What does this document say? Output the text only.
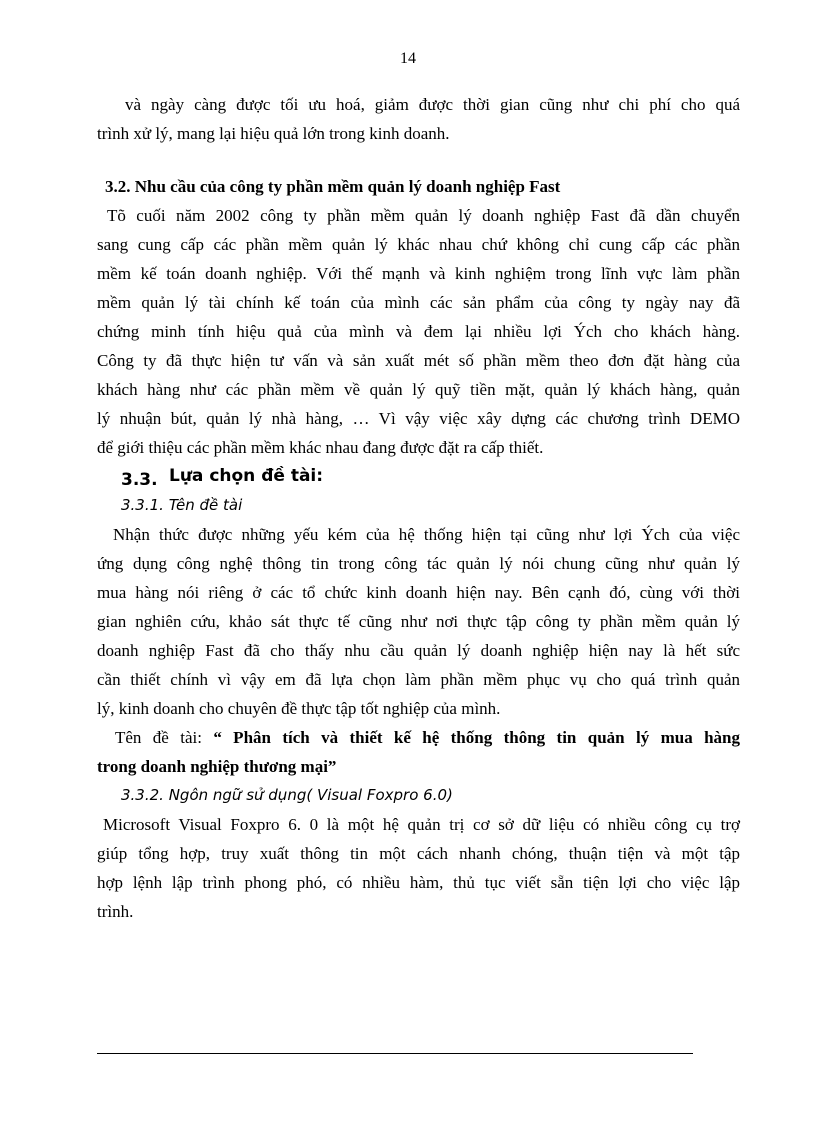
14
và ngày càng được tối ưu hoá, giảm được thời gian cũng như chi phí cho quá
trình xử lý, mang lại hiệu quả lớn trong kinh doanh.
3.2. Nhu cầu của công ty phần mềm quản lý doanh nghiệp Fast
Tõ cuối năm 2002 công ty phần mềm quản lý doanh nghiệp Fast đã dần chuyển
sang cung cấp các phần mềm quản lý khác nhau chứ không chỉ cung cấp các phần
mềm kế toán doanh nghiệp. Với thế mạnh và kinh nghiệm trong lĩnh vực làm phần
mềm quản lý tài chính kế toán của mình các sản phẩm của công ty ngày nay đã
chứng minh tính hiệu quả của mình và đem lại nhiều lợi Ých cho khách hàng.
Công ty đã thực hiện tư vấn và sản xuất mét số phần mềm theo đơn đặt hàng của
khách hàng như các phần mềm về quản lý quỹ tiền mặt, quản lý khách hàng, quản
lý nhuận bút, quản lý nhà hàng, … Vì vậy việc xây dựng các chương trình DEMO
để giới thiệu các phần mềm khác nhau đang được đặt ra cấp thiết.
3.3. Lựa chọn đề tài:
3.3.1. Tên đề tài
Nhận thức được những yếu kém của hệ thống hiện tại cũng như lợi Ých của việc
ứng dụng công nghệ thông tin trong công tác quản lý nói chung cũng như quản lý
mua hàng nói riêng ở các tổ chức kinh doanh hiện nay. Bên cạnh đó, cùng với thời
gian nghiên cứu, khảo sát thực tế cũng như nơi thực tập công ty phần mềm quản lý
doanh nghiệp Fast đã cho thấy nhu cầu quản lý doanh nghiệp hiện nay là hết sức
cần thiết chính vì vậy em đã lựa chọn làm phần mềm phục vụ cho quá trình quản
lý, kinh doanh cho chuyên đề thực tập tốt nghiệp của mình.
Tên đề tài: “ Phân tích và thiết kế hệ thống thông tin quản lý mua hàng
trong doanh nghiệp thương mại”
3.3.2. Ngôn ngữ sử dụng( Visual Foxpro 6.0)
Microsoft Visual Foxpro 6. 0 là một hệ quản trị cơ sở dữ liệu có nhiều công cụ trợ
giúp tổng hợp, truy xuất thông tin một cách nhanh chóng, thuận tiện và một tập
hợp lệnh lập trình phong phó, có nhiều hàm, thủ tục viết sẵn tiện lợi cho việc lập
trình.
